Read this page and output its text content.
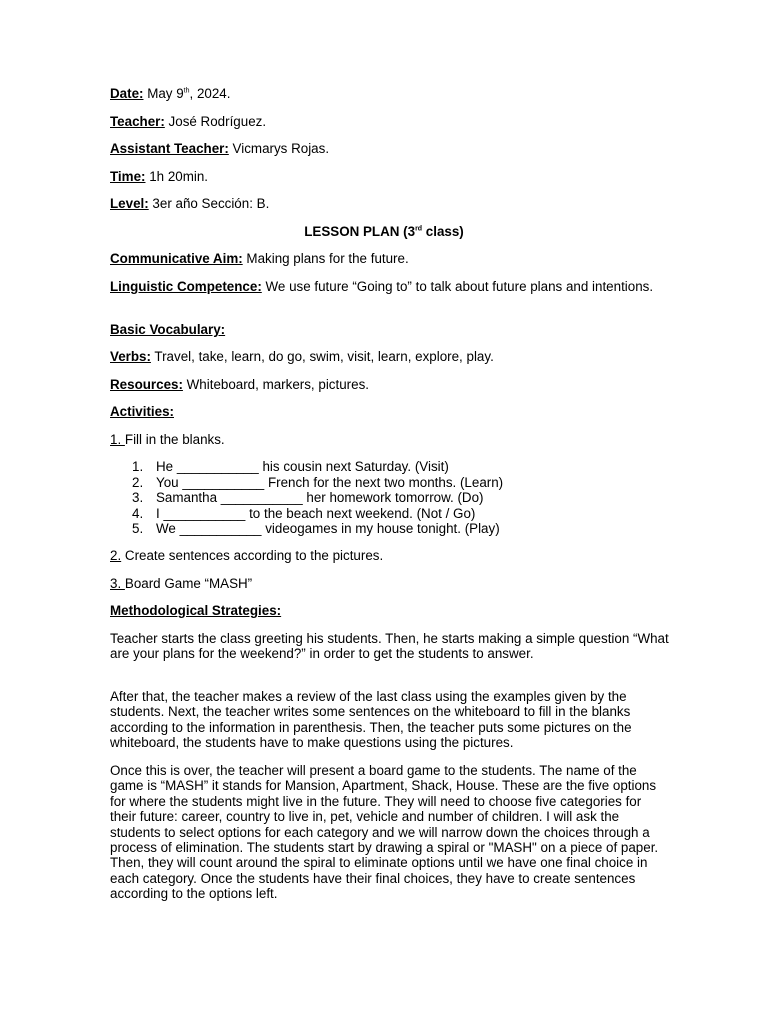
Date: May 9th, 2024.
Teacher: José Rodríguez.
Assistant Teacher: Vicmarys Rojas.
Time: 1h 20min.
Level: 3er año Sección: B.
LESSON PLAN (3rd class)
Communicative Aim: Making plans for the future.
Linguistic Competence: We use future “Going to” to talk about future plans and intentions.
Basic Vocabulary:
Verbs: Travel, take, learn, do go, swim, visit, learn, explore, play.
Resources: Whiteboard, markers, pictures.
Activities:
1. Fill in the blanks.
1. He ___________ his cousin next Saturday. (Visit)
2. You ___________ French for the next two months. (Learn)
3. Samantha ___________ her homework tomorrow. (Do)
4. I ___________ to the beach next weekend. (Not / Go)
5. We ___________ videogames in my house tonight. (Play)
2. Create sentences according to the pictures.
3. Board Game “MASH”
Methodological Strategies:
Teacher starts the class greeting his students. Then, he starts making a simple question “What are your plans for the weekend?” in order to get the students to answer.
After that, the teacher makes a review of the last class using the examples given by the students. Next, the teacher writes some sentences on the whiteboard to fill in the blanks according to the information in parenthesis. Then, the teacher puts some pictures on the whiteboard, the students have to make questions using the pictures.
Once this is over, the teacher will present a board game to the students. The name of the game is “MASH” it stands for Mansion, Apartment, Shack, House. These are the five options for where the students might live in the future. They will need to choose five categories for their future: career, country to live in, pet, vehicle and number of children. I will ask the students to select options for each category and we will narrow down the choices through a process of elimination. The students start by drawing a spiral or "MASH" on a piece of paper. Then, they will count around the spiral to eliminate options until we have one final choice in each category. Once the students have their final choices, they have to create sentences according to the options left.
